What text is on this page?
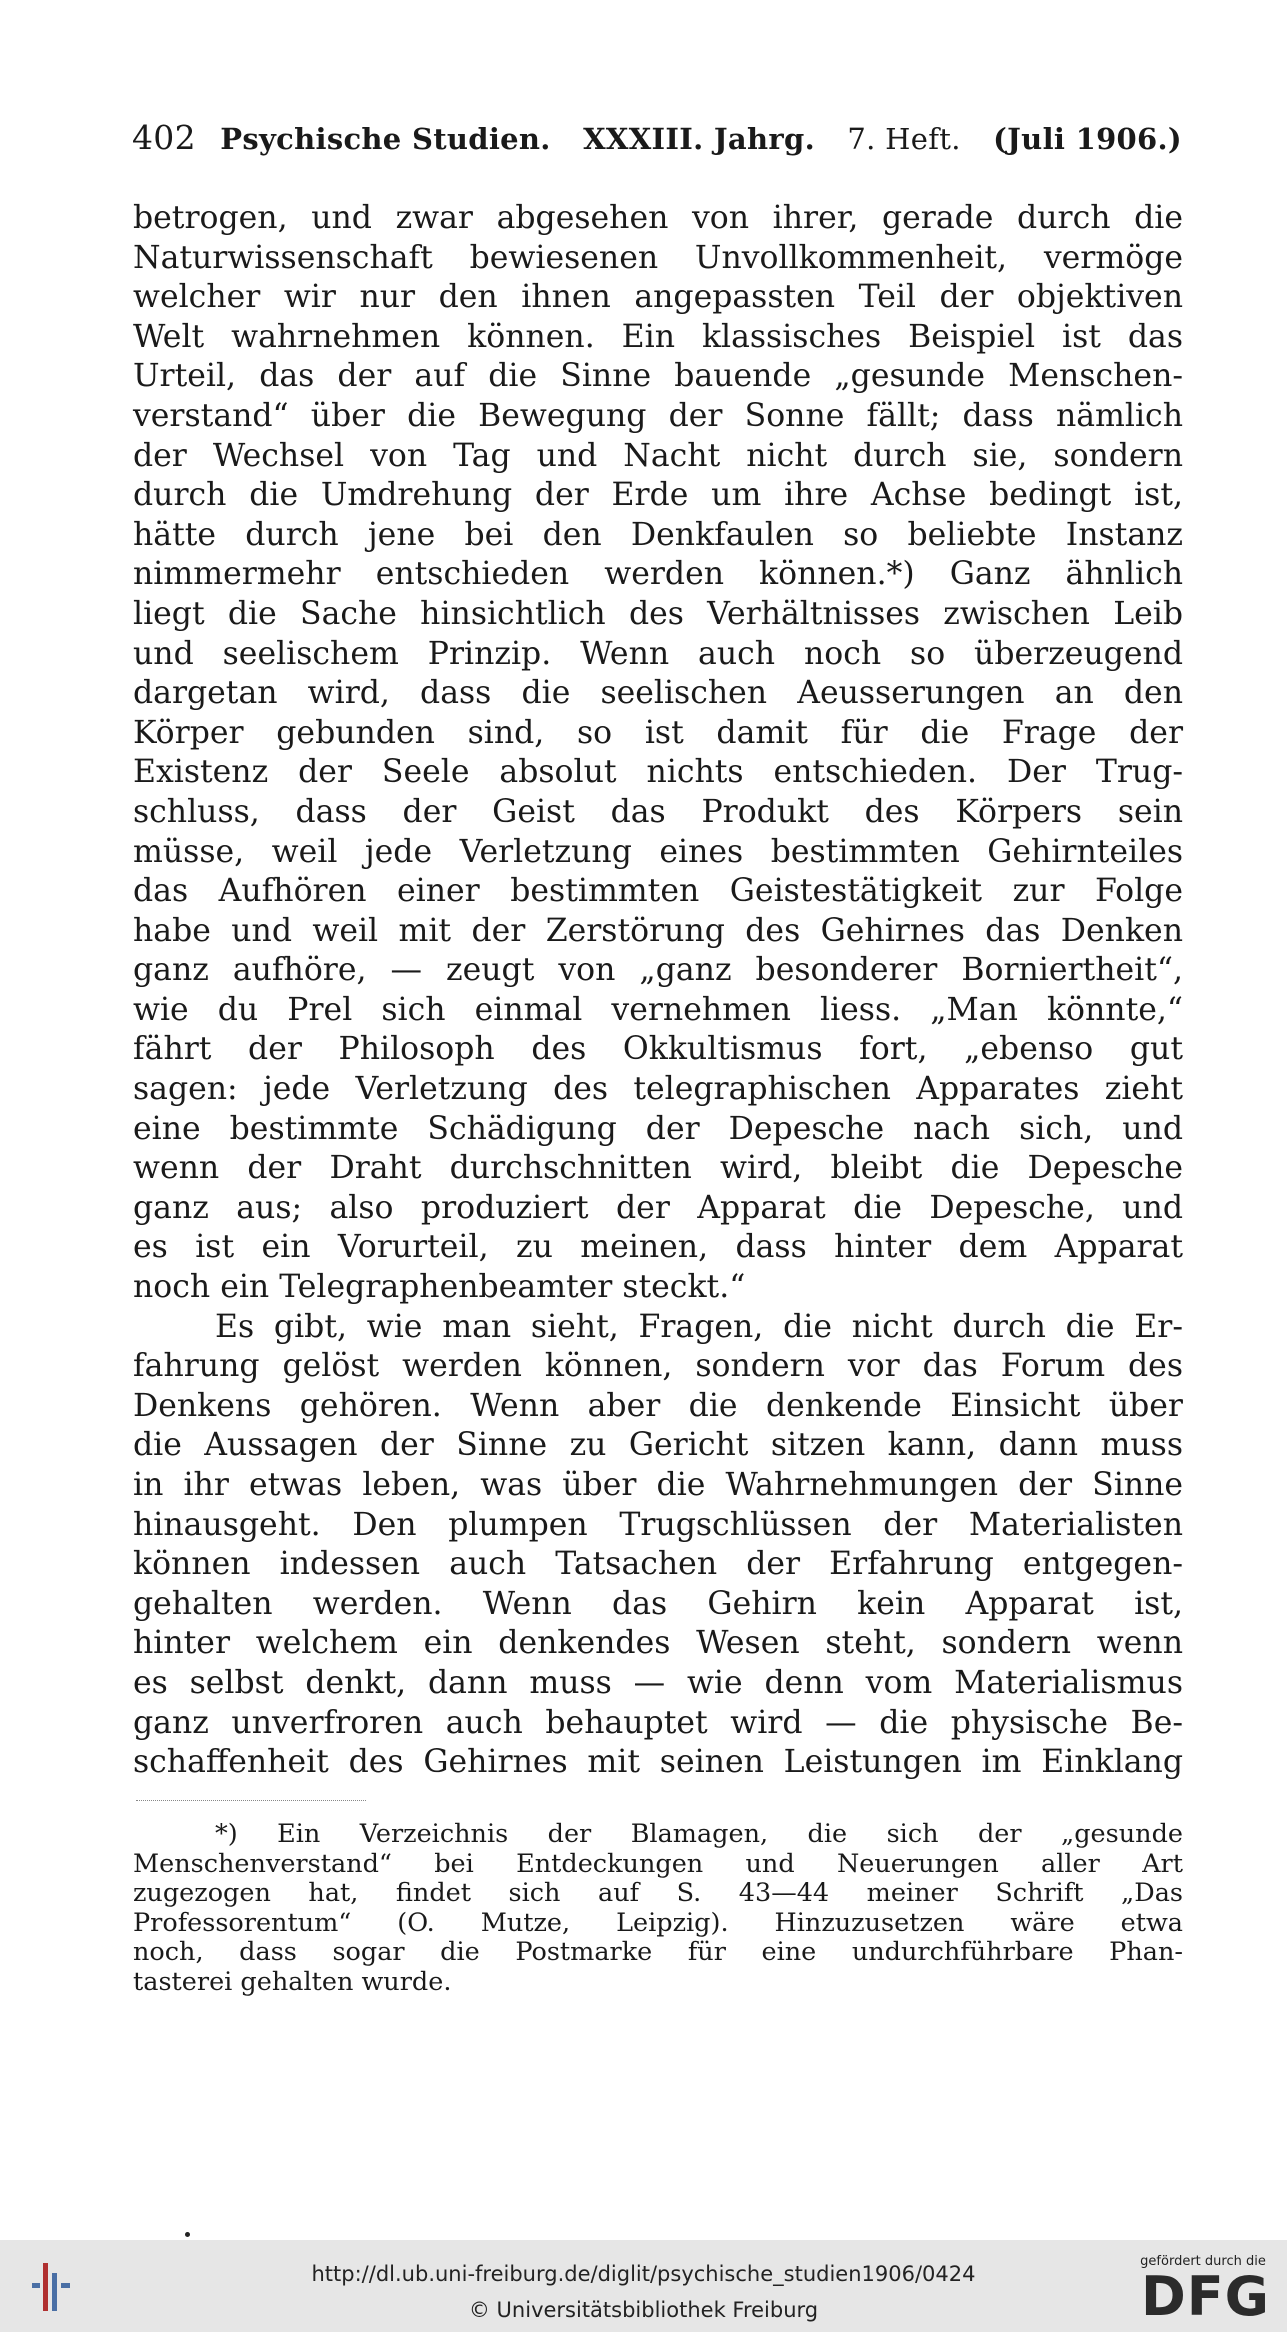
402 Psychische Studien. XXXIII. Jahrg. 7. Heft. (Juli 1906.)
betrogen, und zwar abgesehen von ihrer, gerade durch die
Naturwissenschaft bewiesenen Unvollkommenheit, vermöge
welcher wir nur den ihnen angepassten Teil der objektiven
Welt wahrnehmen können. Ein klassisches Beispiel ist das
Urteil, das der auf die Sinne bauende „gesunde Menschen-
verstand“ über die Bewegung der Sonne fällt; dass nämlich
der Wechsel von Tag und Nacht nicht durch sie, sondern
durch die Umdrehung der Erde um ihre Achse bedingt ist,
hätte durch jene bei den Denkfaulen so beliebte Instanz
nimmermehr entschieden werden können.*) Ganz ähnlich
liegt die Sache hinsichtlich des Verhältnisses zwischen Leib
und seelischem Prinzip. Wenn auch noch so überzeugend
dargetan wird, dass die seelischen Aeusserungen an den
Körper gebunden sind, so ist damit für die Frage der
Existenz der Seele absolut nichts entschieden. Der Trug-
schluss, dass der Geist das Produkt des Körpers sein
müsse, weil jede Verletzung eines bestimmten Gehirnteiles
das Aufhören einer bestimmten Geistestätigkeit zur Folge
habe und weil mit der Zerstörung des Gehirnes das Denken
ganz aufhöre, — zeugt von „ganz besonderer Borniertheit“,
wie du Prel sich einmal vernehmen liess. „Man könnte,“
fährt der Philosoph des Okkultismus fort, „ebenso gut
sagen: jede Verletzung des telegraphischen Apparates zieht
eine bestimmte Schädigung der Depesche nach sich, und
wenn der Draht durchschnitten wird, bleibt die Depesche
ganz aus; also produziert der Apparat die Depesche, und
es ist ein Vorurteil, zu meinen, dass hinter dem Apparat
noch ein Telegraphenbeamter steckt.“
Es gibt, wie man sieht, Fragen, die nicht durch die Er-
fahrung gelöst werden können, sondern vor das Forum des
Denkens gehören. Wenn aber die denkende Einsicht über
die Aussagen der Sinne zu Gericht sitzen kann, dann muss
in ihr etwas leben, was über die Wahrnehmungen der Sinne
hinausgeht. Den plumpen Trugschlüssen der Materialisten
können indessen auch Tatsachen der Erfahrung entgegen-
gehalten werden. Wenn das Gehirn kein Apparat ist,
hinter welchem ein denkendes Wesen steht, sondern wenn
es selbst denkt, dann muss — wie denn vom Materialismus
ganz unverfroren auch behauptet wird — die physische Be-
schaffenheit des Gehirnes mit seinen Leistungen im Einklang
*) Ein Verzeichnis der Blamagen, die sich der „gesunde
Menschenverstand“ bei Entdeckungen und Neuerungen aller Art
zugezogen hat, findet sich auf S. 43—44 meiner Schrift „Das
Professorentum“ (O. Mutze, Leipzig). Hinzuzusetzen wäre etwa
noch, dass sogar die Postmarke für eine undurchführbare Phan-
tasterei gehalten wurde.
http://dl.ub.uni-freiburg.de/diglit/psychische_studien1906/0424
© Universitätsbibliothek Freiburg
gefördert durch die
DFG
